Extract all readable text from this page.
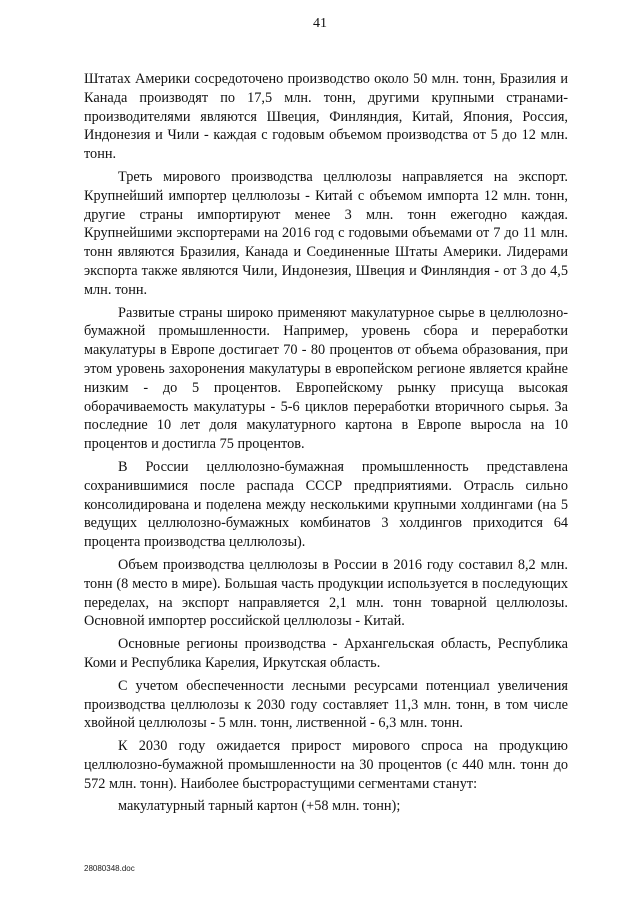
41

Штатах Америки сосредоточено производство около 50 млн. тонн, Бразилия и Канада производят по 17,5 млн. тонн, другими крупными странами-производителями являются Швеция, Финляндия, Китай, Япония, Россия, Индонезия и Чили - каждая с годовым объемом производства от 5 до 12 млн. тонн.

Треть мирового производства целлюлозы направляется на экспорт. Крупнейший импортер целлюлозы - Китай с объемом импорта 12 млн. тонн, другие страны импортируют менее 3 млн. тонн ежегодно каждая. Крупнейшими экспортерами на 2016 год с годовыми объемами от 7 до 11 млн. тонн являются Бразилия, Канада и Соединенные Штаты Америки. Лидерами экспорта также являются Чили, Индонезия, Швеция и Финляндия - от 3 до 4,5 млн. тонн.

Развитые страны широко применяют макулатурное сырье в целлюлозно-бумажной промышленности. Например, уровень сбора и переработки макулатуры в Европе достигает 70 - 80 процентов от объема образования, при этом уровень захоронения макулатуры в европейском регионе является крайне низким - до 5 процентов. Европейскому рынку присуща высокая оборачиваемость макулатуры - 5-6 циклов переработки вторичного сырья. За последние 10 лет доля макулатурного картона в Европе выросла на 10 процентов и достигла 75 процентов.

В России целлюлозно-бумажная промышленность представлена сохранившимися после распада СССР предприятиями. Отрасль сильно консолидирована и поделена между несколькими крупными холдингами (на 5 ведущих целлюлозно-бумажных комбинатов 3 холдингов приходится 64 процента производства целлюлозы).

Объем производства целлюлозы в России в 2016 году составил 8,2 млн. тонн (8 место в мире). Большая часть продукции используется в последующих переделах, на экспорт направляется 2,1 млн. тонн товарной целлюлозы. Основной импортер российской целлюлозы - Китай.

Основные регионы производства - Архангельская область, Республика Коми и Республика Карелия, Иркутская область.

С учетом обеспеченности лесными ресурсами потенциал увеличения производства целлюлозы к 2030 году составляет 11,3 млн. тонн, в том числе хвойной целлюлозы - 5 млн. тонн, лиственной - 6,3 млн. тонн.

К 2030 году ожидается прирост мирового спроса на продукцию целлюлозно-бумажной промышленности на 30 процентов (с 440 млн. тонн до 572 млн. тонн). Наиболее быстрорастущими сегментами станут:

макулатурный тарный картон (+58 млн. тонн);

28080348.doc
